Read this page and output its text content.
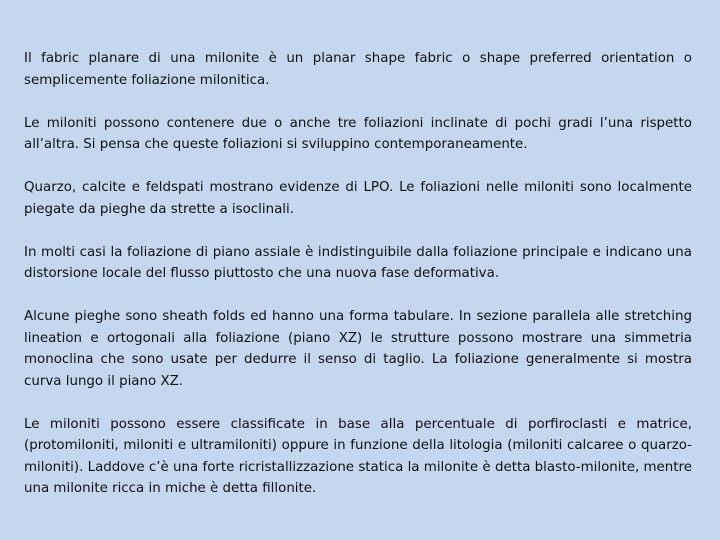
Il fabric planare di una milonite è un planar shape fabric o shape preferred orientation o semplicemente foliazione milonitica.

Le miloniti possono contenere due o anche tre foliazioni inclinate di pochi gradi l’una rispetto all’altra. Si pensa che queste foliazioni si sviluppino contemporaneamente.

Quarzo, calcite e feldspati mostrano evidenze di LPO. Le foliazioni nelle miloniti sono localmente piegate da pieghe da strette a isoclinali.

In molti casi la foliazione di piano assiale è indistinguibile dalla foliazione principale e indicano una distorsione locale del flusso piuttosto che una nuova fase deformativa.

Alcune pieghe sono sheath folds ed hanno una forma tabulare. In sezione parallela alle stretching lineation e ortogonali alla foliazione (piano XZ) le strutture possono mostrare una simmetria monoclina che sono usate per dedurre il senso di taglio. La foliazione generalmente si mostra curva lungo il piano XZ.

Le miloniti possono essere classificate in base alla percentuale di porfiroclasti e matrice, (protomiloniti, miloniti e ultramiloniti) oppure in funzione della litologia (miloniti calcaree o quarzo-miloniti). Laddove c’è una forte ricristallizzazione statica la milonite è detta blasto-milonite, mentre una milonite ricca in miche è detta fillonite.
